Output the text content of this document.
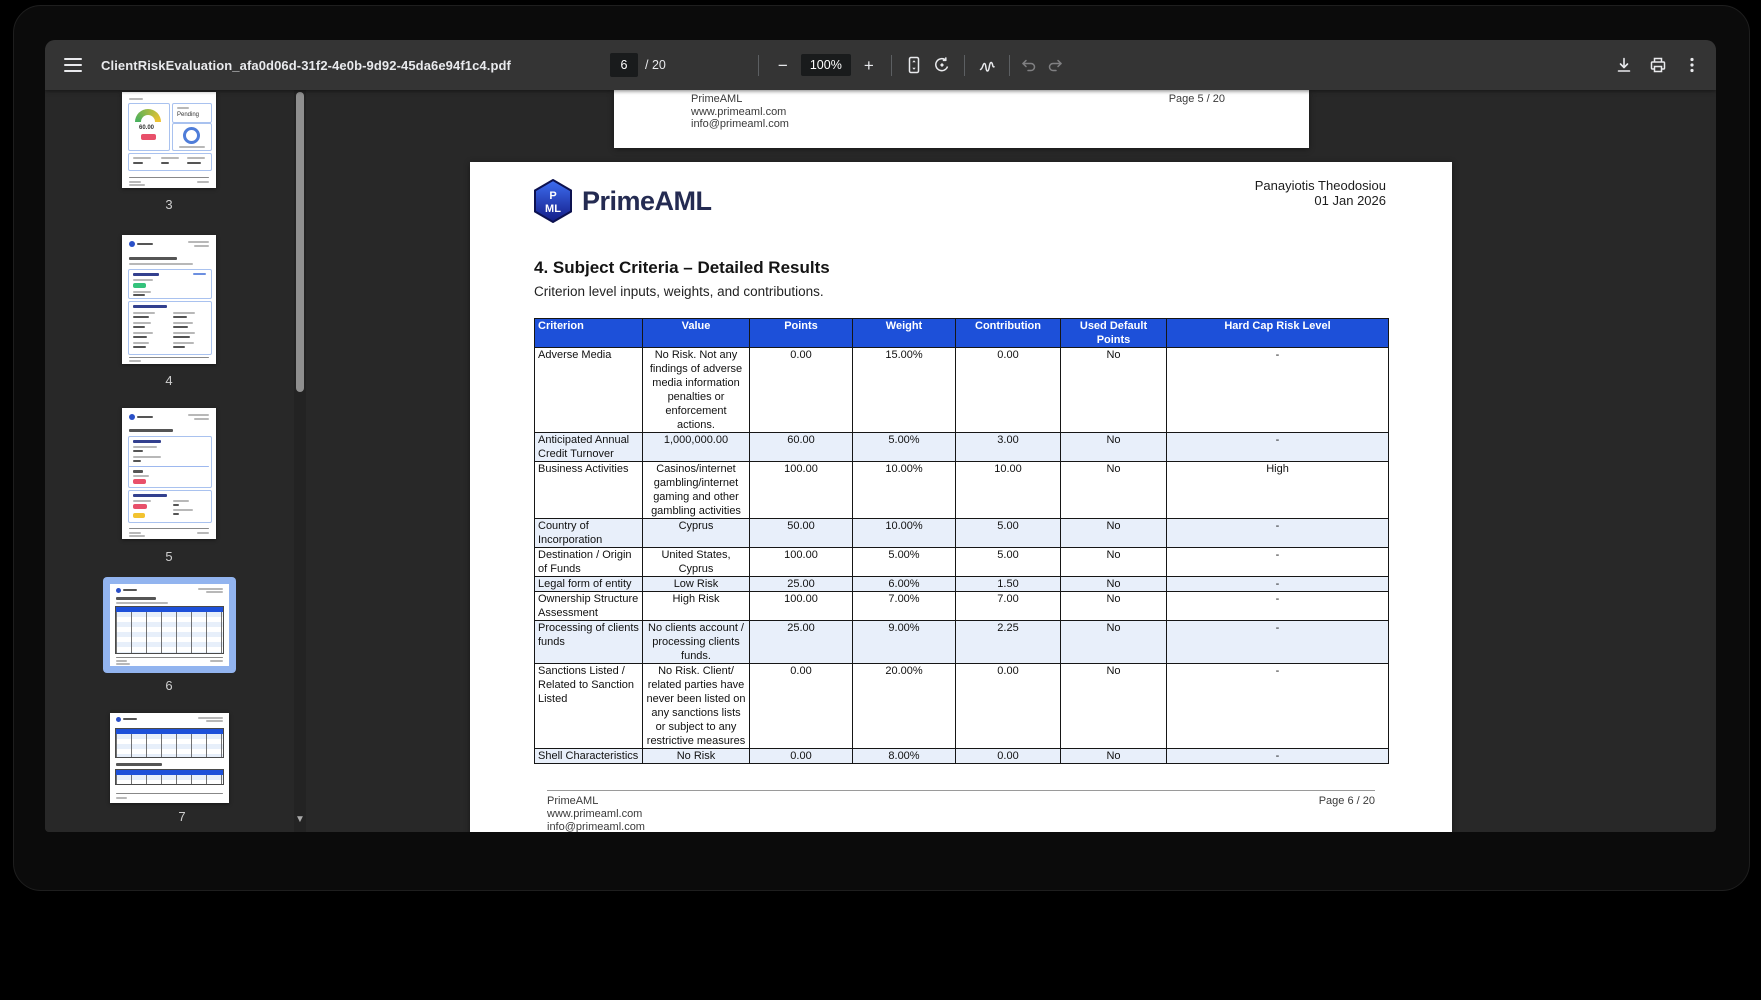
ClientRiskEvaluation_afa0d06d-31f2-4e0b-9d92-45da6e94f1c4.pdf
6	/ 20	−	100%	+
60.00
Pending
3
4
5
6
7	▼
PrimeAML
www.primeaml.com
info@primeaml.com
Page 5 / 20
P
ML PrimeAML	Panayiotis Theodosiou
01 Jan 2026
4. Subject Criteria – Detailed Results
Criterion level inputs, weights, and contributions.
Criterion	Value	Points	Weight	Contribution	Used Default Points	Hard Cap Risk Level
Adverse Media	No Risk. Not any findings of adverse media information penalties or enforcement actions.	0.00	15.00%	0.00	No	-
Anticipated Annual Credit Turnover	1,000,000.00	60.00	5.00%	3.00	No	-
Business Activities	Casinos/internet gambling/internet gaming and other gambling activities	100.00	10.00%	10.00	No	High
Country of Incorporation	Cyprus	50.00	10.00%	5.00	No	-
Destination / Origin of Funds	United States, Cyprus	100.00	5.00%	5.00	No	-
Legal form of entity	Low Risk	25.00	6.00%	1.50	No	-
Ownership Structure Assessment	High Risk	100.00	7.00%	7.00	No	-
Processing of clients funds	No clients account / processing clients funds.	25.00	9.00%	2.25	No	-
Sanctions Listed / Related to Sanction Listed	No Risk. Client/ related parties have never been listed on any sanctions lists or subject to any restrictive measures	0.00	20.00%	0.00	No	-
Shell Characteristics	No Risk	0.00	8.00%	0.00	No	-
PrimeAML
www.primeaml.com
info@primeaml.com
Page 6 / 20
